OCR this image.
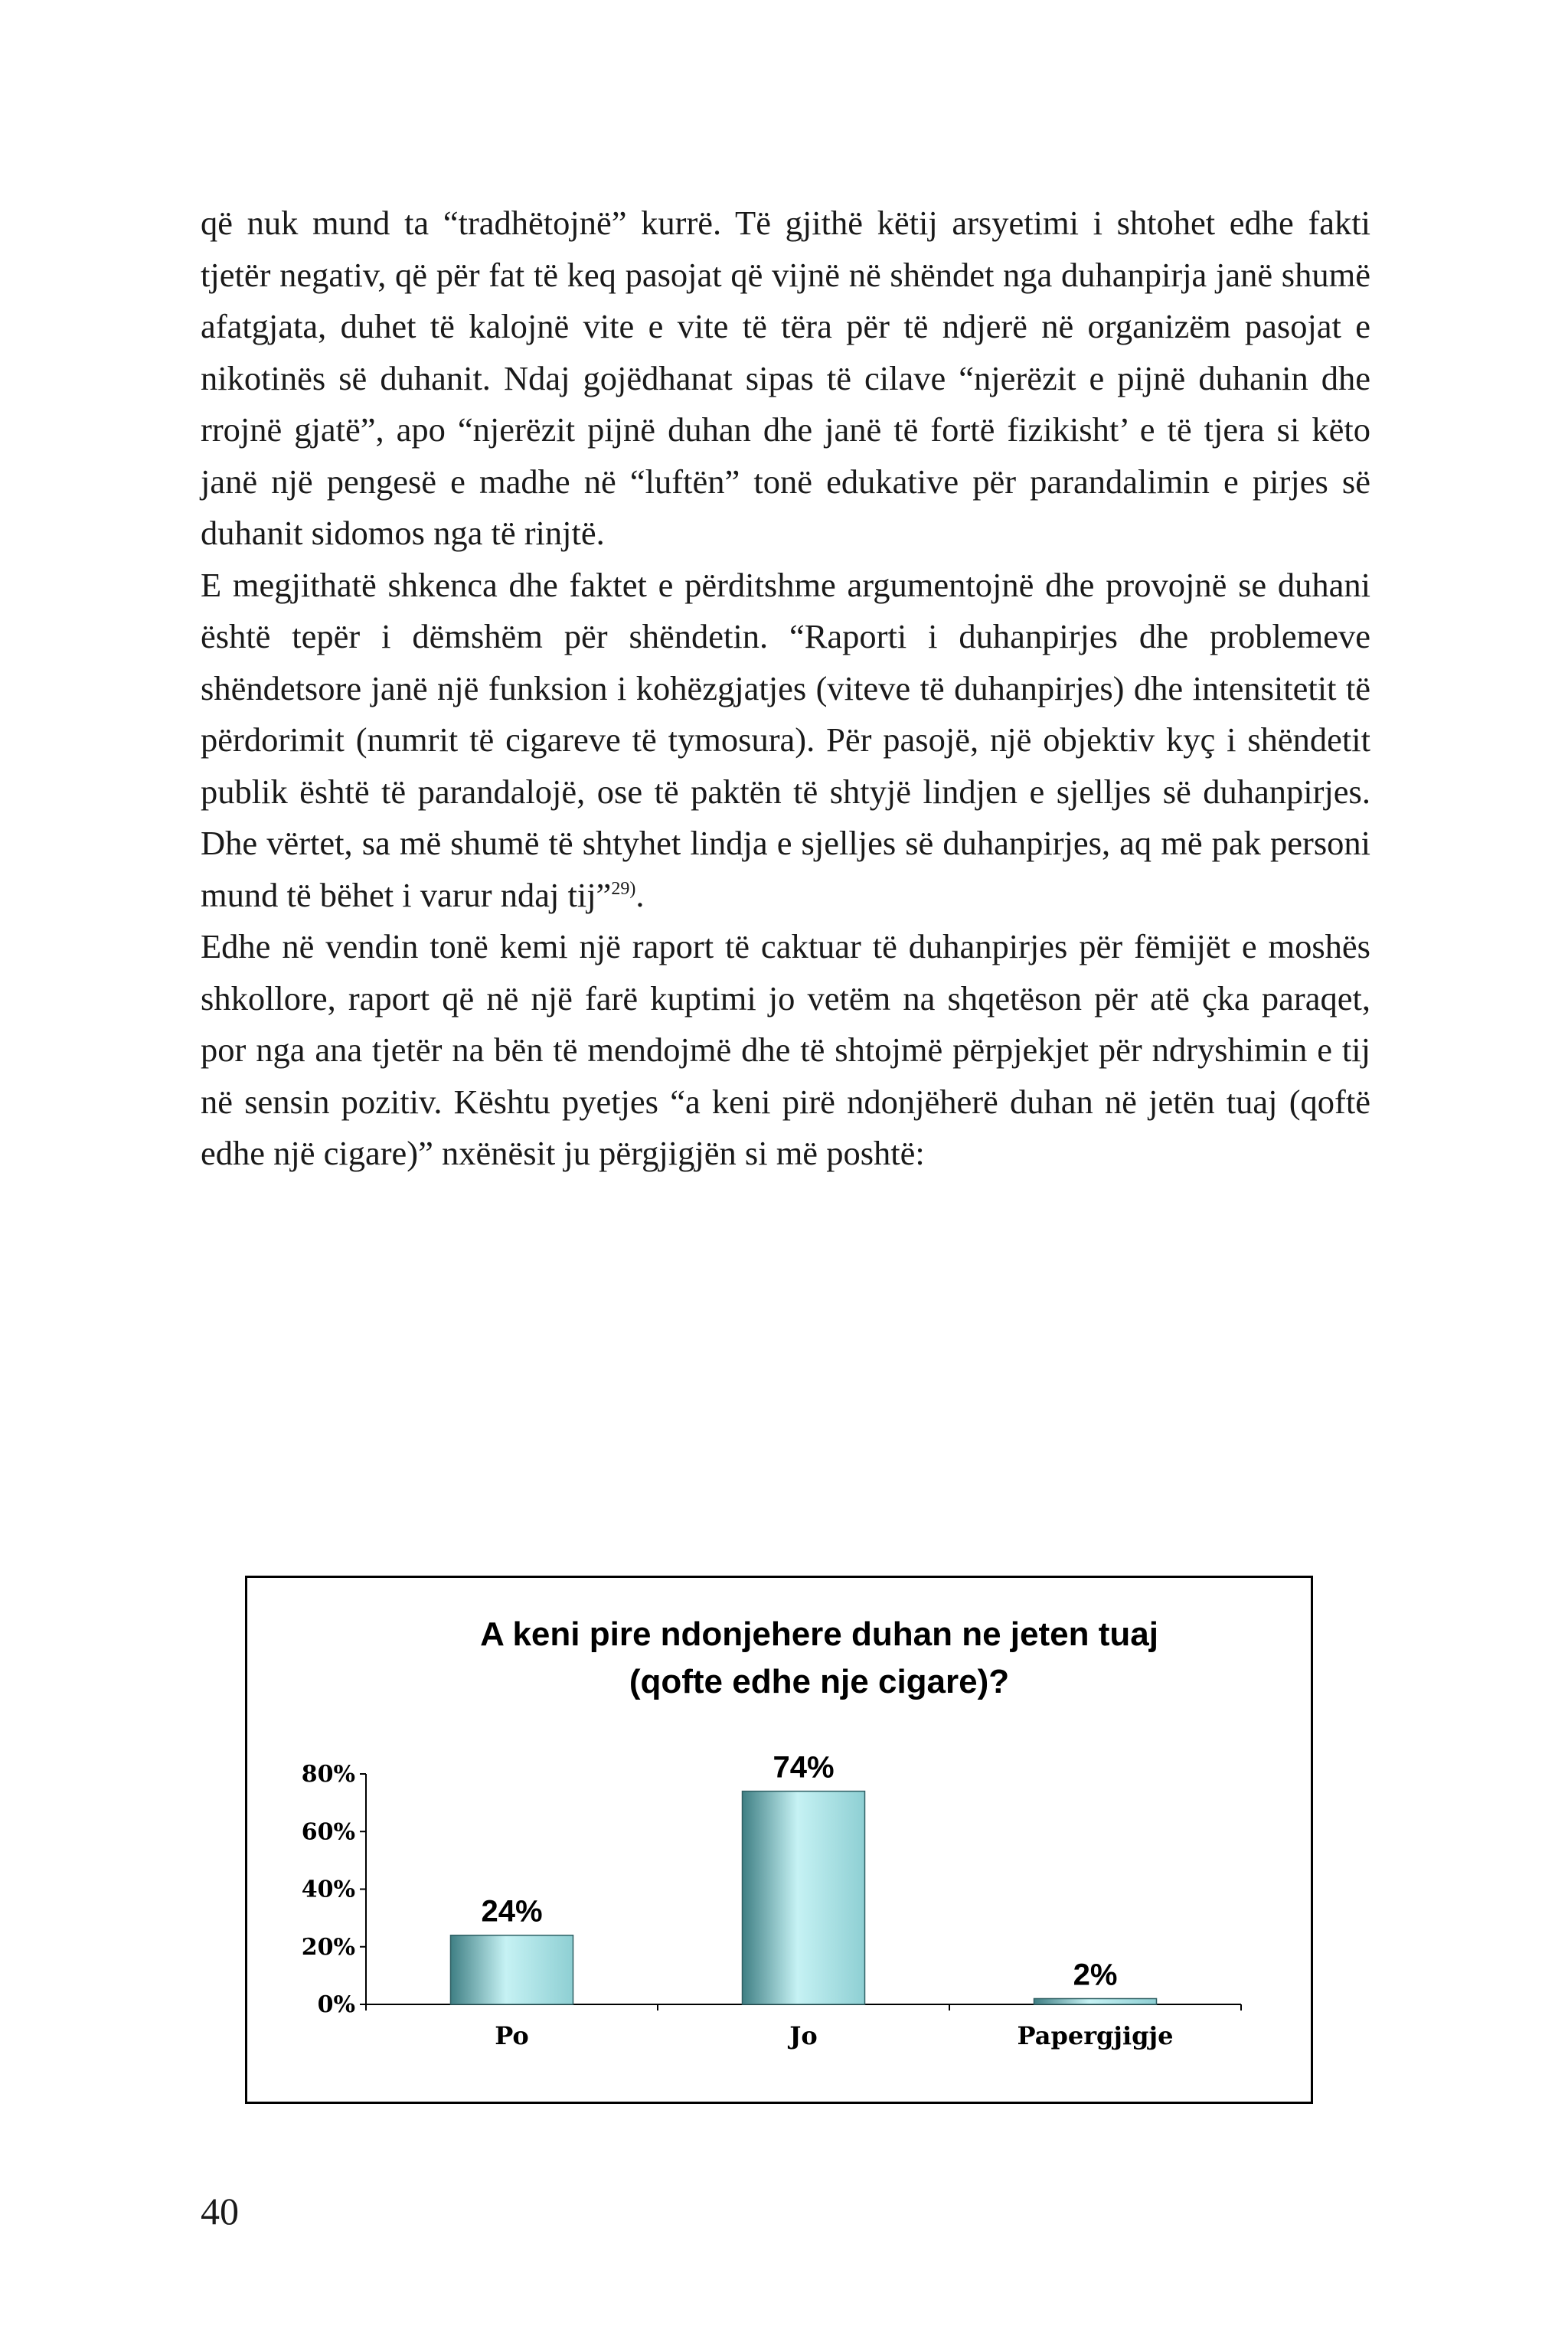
që nuk mund ta “tradhëtojnë” kurrë. Të gjithë këtij arsyetimi i shtohet edhe fakti tjetër negativ, që për fat të keq pasojat që vijnë në shëndet nga duhanpirja janë shumë afatgjata, duhet të kalojnë vite e vite të tëra për të ndjerë në organizëm pasojat e nikotinës së duhanit. Ndaj gojëdhanat sipas të cilave “njerëzit e pijnë duhanin dhe rrojnë gjatë”, apo “njerëzit pijnë duhan dhe janë të fortë fizikisht’ e të tjera si këto janë një pengesë e madhe në “luftën” tonë edukative për parandalimin e pirjes së duhanit sidomos nga të rinjtë.

E megjithatë shkenca dhe faktet e përditshme argumentojnë dhe provojnë se duhani është tepër i dëmshëm për shëndetin. “Raporti i duhanpirjes dhe problemeve shëndetsore janë një funksion i kohëzgjatjes (viteve të duhanpirjes) dhe intensitetit të përdorimit (numrit të cigareve të tymosura). Për pasojë, një objektiv kyç i shëndetit publik është të parandalojë, ose të paktën të shtyjë lindjen e sjelljes së duhanpirjes. Dhe vërtet, sa më shumë të shtyhet lindja e sjelljes së duhanpirjes, aq më pak personi mund të bëhet i varur ndaj tij”$^{29)}$.

Edhe në vendin tonë kemi një raport të caktuar të duhanpirjes për fëmijët e moshës shkollore, raport që në një farë kuptimi jo vetëm na shqetëson për atë çka paraqet, por nga ana tjetër na bën të mendojmë dhe të shtojmë përpjekjet për ndryshimin e tij në sensin pozitiv. Kështu pyetjes “a keni pirë ndonjëherë duhan në jetën tuaj (qoftë edhe një cigare)” nxënësit ju përgjigjën si më poshtë:

A keni pire ndonjehere duhan ne jeten tuaj
(qofte edhe nje cigare)?
0%
20%
40%
60%
80%
24%
Po
74%
Jo
2%
Papergjigje
40
